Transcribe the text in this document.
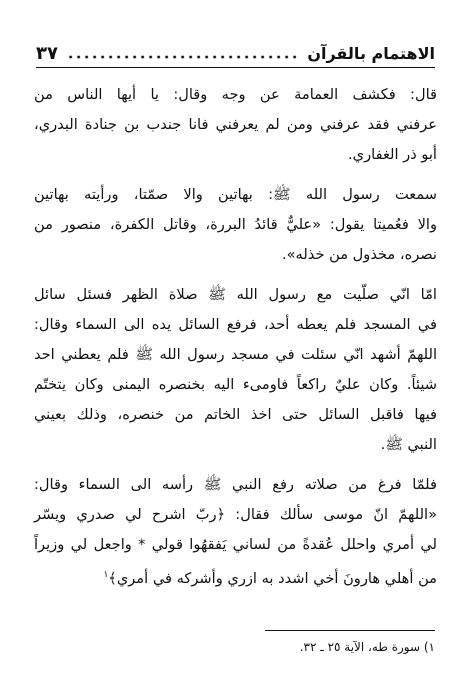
الاهتمام بالقرآن
٣٧
قال: فكشف العمامة عن وجه وقال: يا أيها الناس من
عرفني فقد عرفني ومن لم يعرفني فانا جندب بن جنادة البدري،
أبو ذر الغفاري.
سمعت رسول الله ﷺ: بهاتين والا صمّتا، ورأيته بهاتين
والا فعُميتا يقول: «عليٌّ قائدُ البررة، وقاتل الكفرة، منصور من
نصره، مخذول من خذله».
امّا انّي صلّيت مع رسول الله ﷺ صلاة الظهر فسئل سائل
في المسجد فلم يعطه أحد، فرفع السائل يده الى السماء وقال:
اللهمّ أشهد انّي سئلت في مسجد رسول الله ﷺ فلم يعطني احد
شيئاً. وكان عليٌ راكعاً فاومىء اليه بخنصره اليمنى وكان يتختّم
فيها فاقبل السائل حتى اخذ الخاتم من خنصره، وذلك بعيني
النبي ﷺ.
فلمّا فرغ من صلاته رفع النبي ﷺ رأسه الى السماء وقال:
«اللهمّ انّ موسى سألك فقال: ﴿ربّ اشرح لي صدري ويسّر
لي أمري واحلل عُقدةً من لساني يَفقهُوا قولي * واجعل لي وزيراً
من أهلي هارونَ أخي اشدد به ازري وأشركه في أمري﴾$^١$
١) سورة طه، الآية ٢٥ ـ ٣٢.
